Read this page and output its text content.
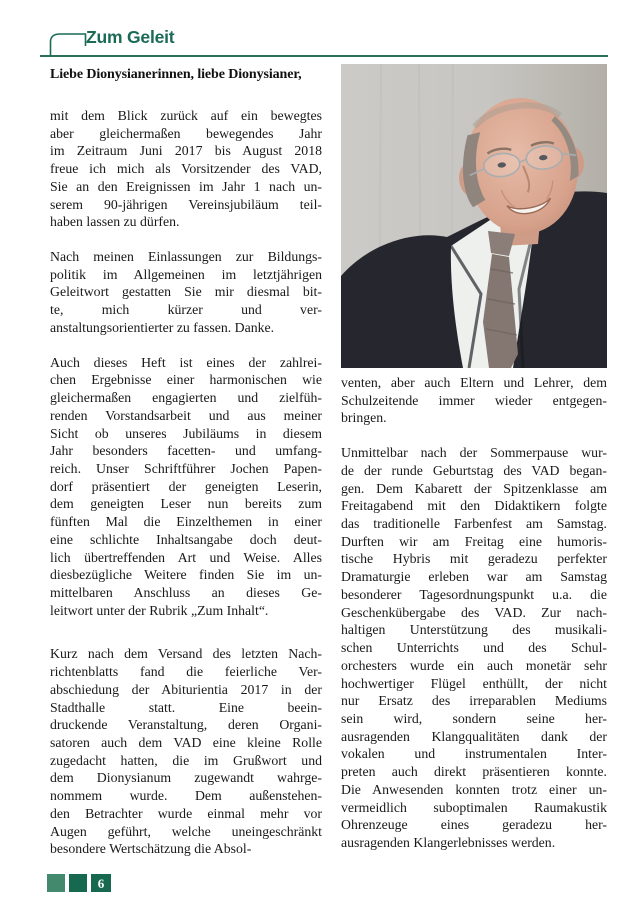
Zum Geleit

Liebe Dionysianerinnen, liebe Dionysianer,

mit dem Blick zurück auf ein bewegtes
aber gleichermaßen bewegendes Jahr
im Zeitraum Juni 2017 bis August 2018
freue ich mich als Vorsitzender des VAD,
Sie an den Ereignissen im Jahr 1 nach un-
serem 90-jährigen Vereinsjubiläum teil-
haben lassen zu dürfen.
Nach meinen Einlassungen zur Bildungs-
politik im Allgemeinen im letztjährigen
Geleitwort gestatten Sie mir diesmal bit-
te, mich kürzer und ver-
anstaltungsorientierter zu fassen. Danke.
Auch dieses Heft ist eines der zahlrei-
chen Ergebnisse einer harmonischen wie
gleichermaßen engagierten und zielfüh-
renden Vorstandsarbeit und aus meiner
Sicht ob unseres Jubiläums in diesem
Jahr besonders facetten- und umfang-
reich. Unser Schriftführer Jochen Papen-
dorf präsentiert der geneigten Leserin,
dem geneigten Leser nun bereits zum
fünften Mal die Einzelthemen in einer
eine schlichte Inhaltsangabe doch deut-
lich übertreffenden Art und Weise. Alles
diesbezügliche Weitere finden Sie im un-
mittelbaren Anschluss an dieses Ge-
leitwort unter der Rubrik „Zum Inhalt“.
Kurz nach dem Versand des letzten Nach-
richtenblatts fand die feierliche Ver-
abschiedung der Abiturientia 2017 in der
Stadthalle statt. Eine beein-
druckende Veranstaltung, deren Organi-
satoren auch dem VAD eine kleine Rolle
zugedacht hatten, die im Grußwort und
dem Dionysianum zugewandt wahrge-
nommem wurde. Dem außenstehen-
den Betrachter wurde einmal mehr vor
Augen geführt, welche uneingeschränkt
besondere Wertschätzung die Absol-
venten, aber auch Eltern und Lehrer, dem
Schulzeitende immer wieder entgegen-
bringen.
Unmittelbar nach der Sommerpause wur-
de der runde Geburtstag des VAD began-
gen. Dem Kabarett der Spitzenklasse am
Freitagabend mit den Didaktikern folgte
das traditionelle Farbenfest am Samstag.
Durften wir am Freitag eine humoris-
tische Hybris mit geradezu perfekter
Dramaturgie erleben war am Samstag
besonderer Tagesordnungspunkt u.a. die
Geschenkübergabe des VAD. Zur nach-
haltigen Unterstützung des musikali-
schen Unterrichts und des Schul-
orchesters wurde ein auch monetär sehr
hochwertiger Flügel enthüllt, der nicht
nur Ersatz des irreparablen Mediums
sein wird, sondern seine her-
ausragenden Klangqualitäten dank der
vokalen und instrumentalen Inter-
preten auch direkt präsentieren konnte.
Die Anwesenden konnten trotz einer un-
vermeidlich suboptimalen Raumakustik
Ohrenzeuge eines geradezu her-
ausragenden Klangerlebnisses werden.
6
